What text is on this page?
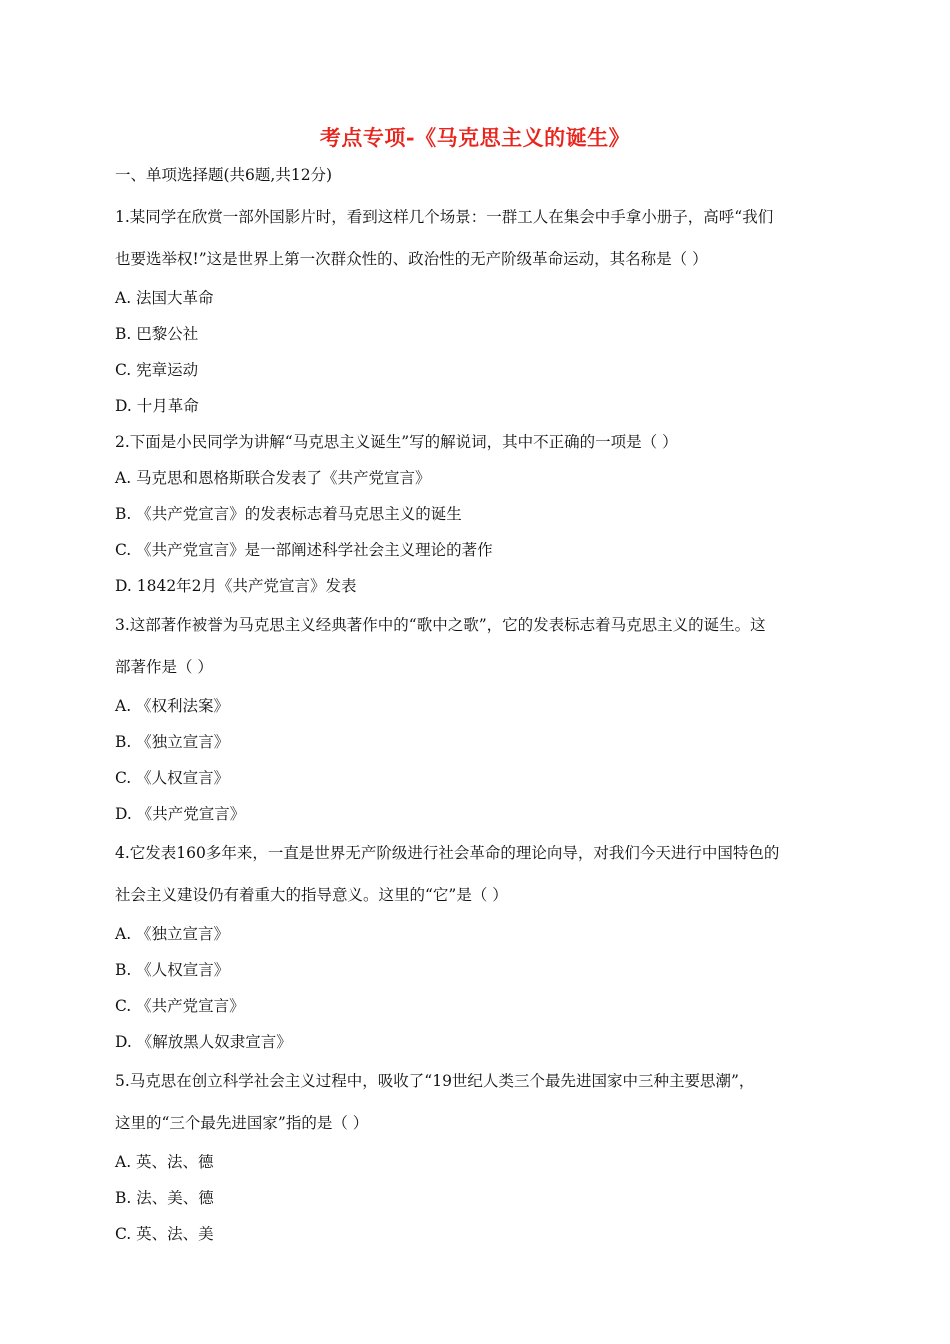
考点专项-《马克思主义的诞生》
一、单项选择题(共6题,共12分)
1.某同学在欣赏一部外国影片时，看到这样几个场景：一群工人在集会中手拿小册子，高呼“我们
也要选举权!”这是世界上第一次群众性的、政治性的无产阶级革命运动，其名称是（ ）
A. 法国大革命
B. 巴黎公社
C. 宪章运动
D. 十月革命
2.下面是小民同学为讲解“马克思主义诞生”写的解说词，其中不正确的一项是（ ）
A. 马克思和恩格斯联合发表了《共产党宣言》
B. 《共产党宣言》的发表标志着马克思主义的诞生
C. 《共产党宣言》是一部阐述科学社会主义理论的著作
D. 1842年2月《共产党宣言》发表
3.这部著作被誉为马克思主义经典著作中的“歌中之歌”，它的发表标志着马克思主义的诞生。这
部著作是（ ）
A. 《权利法案》
B. 《独立宣言》
C. 《人权宣言》
D. 《共产党宣言》
4.它发表160多年来，一直是世界无产阶级进行社会革命的理论向导，对我们今天进行中国特色的
社会主义建设仍有着重大的指导意义。这里的“它”是（ ）
A. 《独立宣言》
B. 《人权宣言》
C. 《共产党宣言》
D. 《解放黑人奴隶宣言》
5.马克思在创立科学社会主义过程中，吸收了“19世纪人类三个最先进国家中三种主要思潮”，
这里的“三个最先进国家”指的是（ ）
A. 英、法、德
B. 法、美、德
C. 英、法、美
